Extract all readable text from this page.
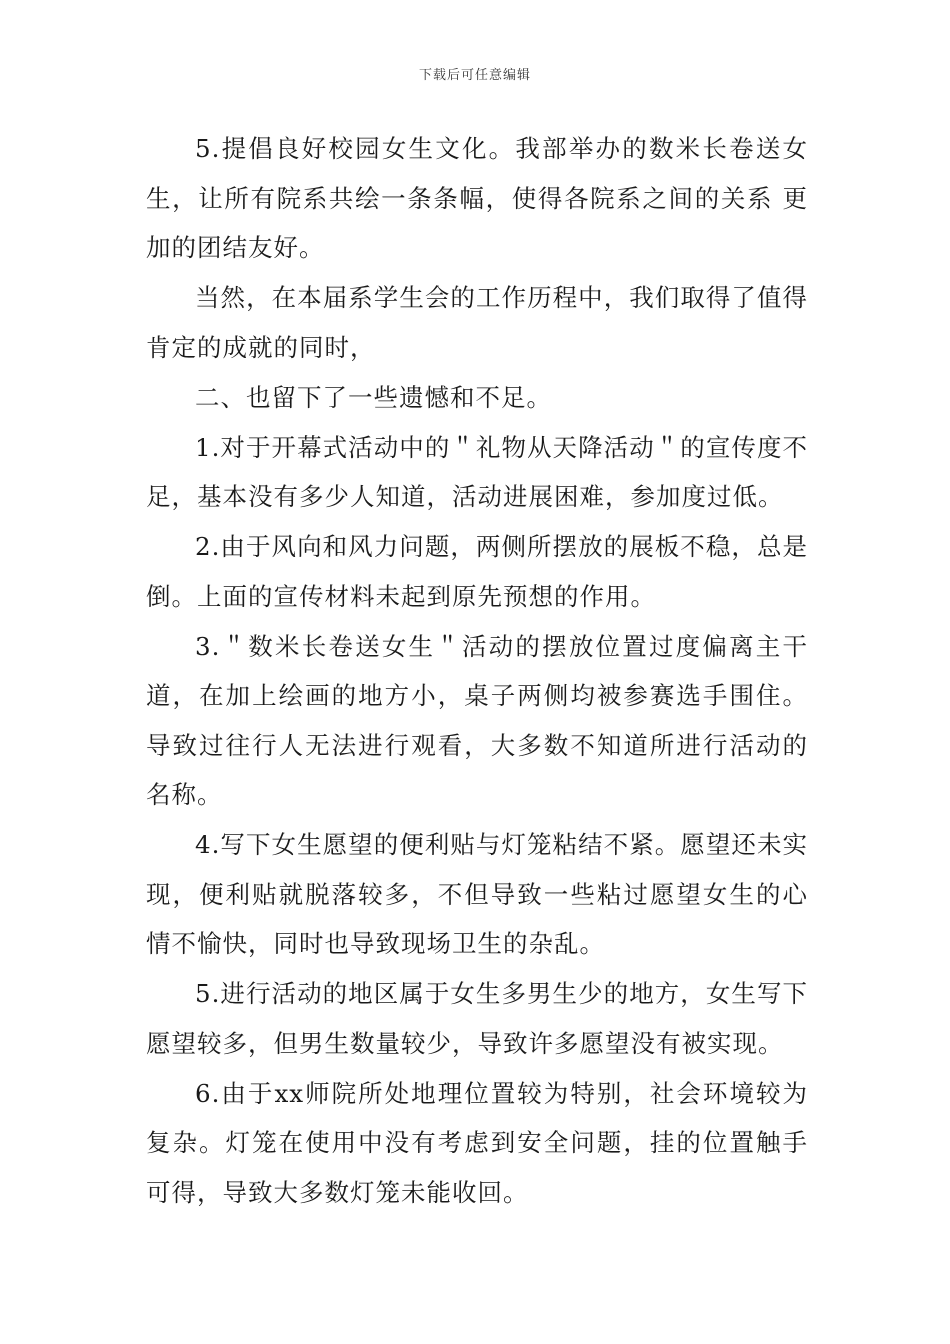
下载后可任意编辑

5.提倡良好校园女生文化。我部举办的数米长卷送女生，让所有院系共绘一条条幅，使得各院系之间的关系 更加的团结友好。

当然，在本届系学生会的工作历程中，我们取得了值得肯定的成就的同时，

二、也留下了一些遗憾和不足。

1.对于开幕式活动中的＂礼物从天降活动＂的宣传度不足，基本没有多少人知道，活动进展困难，参加度过低。

2.由于风向和风力问题，两侧所摆放的展板不稳，总是倒。上面的宣传材料未起到原先预想的作用。

3.＂数米长卷送女生＂活动的摆放位置过度偏离主干道，在加上绘画的地方小，桌子两侧均被参赛选手围住。导致过往行人无法进行观看，大多数不知道所进行活动的名称。

4.写下女生愿望的便利贴与灯笼粘结不紧。愿望还未实现，便利贴就脱落较多，不但导致一些粘过愿望女生的心情不愉快，同时也导致现场卫生的杂乱。

5.进行活动的地区属于女生多男生少的地方，女生写下愿望较多，但男生数量较少，导致许多愿望没有被实现。

6.由于xx师院所处地理位置较为特别，社会环境较为复杂。灯笼在使用中没有考虑到安全问题，挂的位置触手可得，导致大多数灯笼未能收回。
